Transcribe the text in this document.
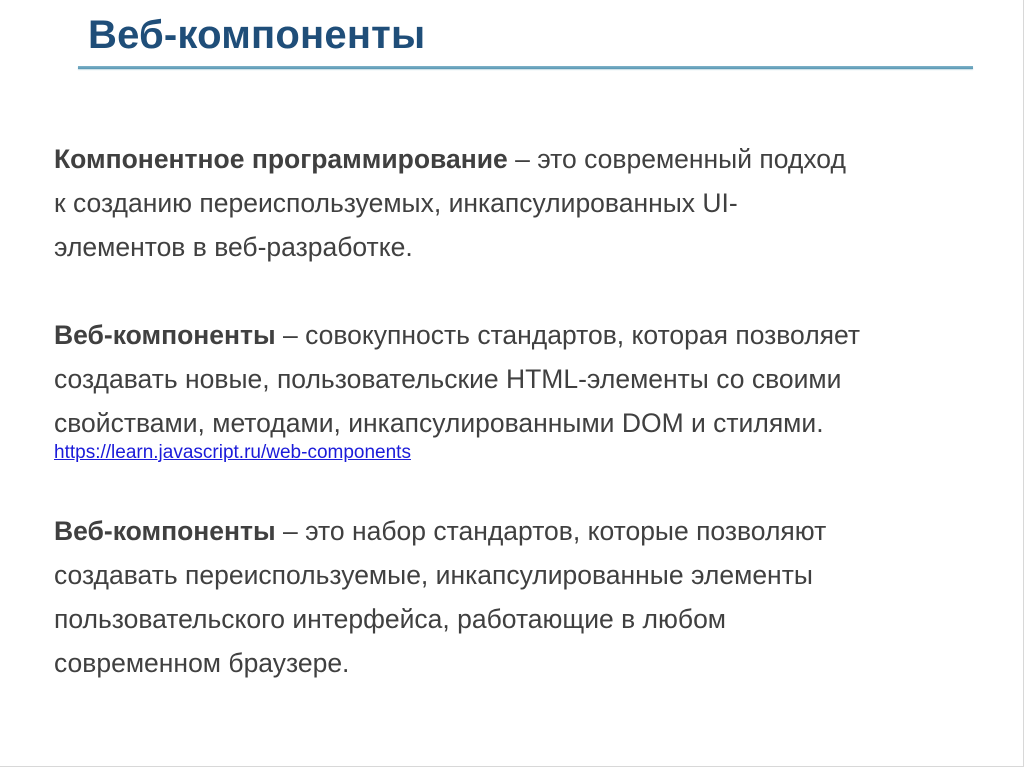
Веб-компоненты

Компонентное программирование – это современный подход
к созданию переиспользуемых, инкапсулированных UI-
элементов в веб-разработке.

Веб-компоненты – совокупность стандартов, которая позволяет
создавать новые, пользовательские HTML-элементы со своими
свойствами, методами, инкапсулированными DOM и стилями.
https://learn.javascript.ru/web-components

Веб-компоненты – это набор стандартов, которые позволяют
создавать переиспользуемые, инкапсулированные элементы
пользовательского интерфейса, работающие в любом
современном браузере.
